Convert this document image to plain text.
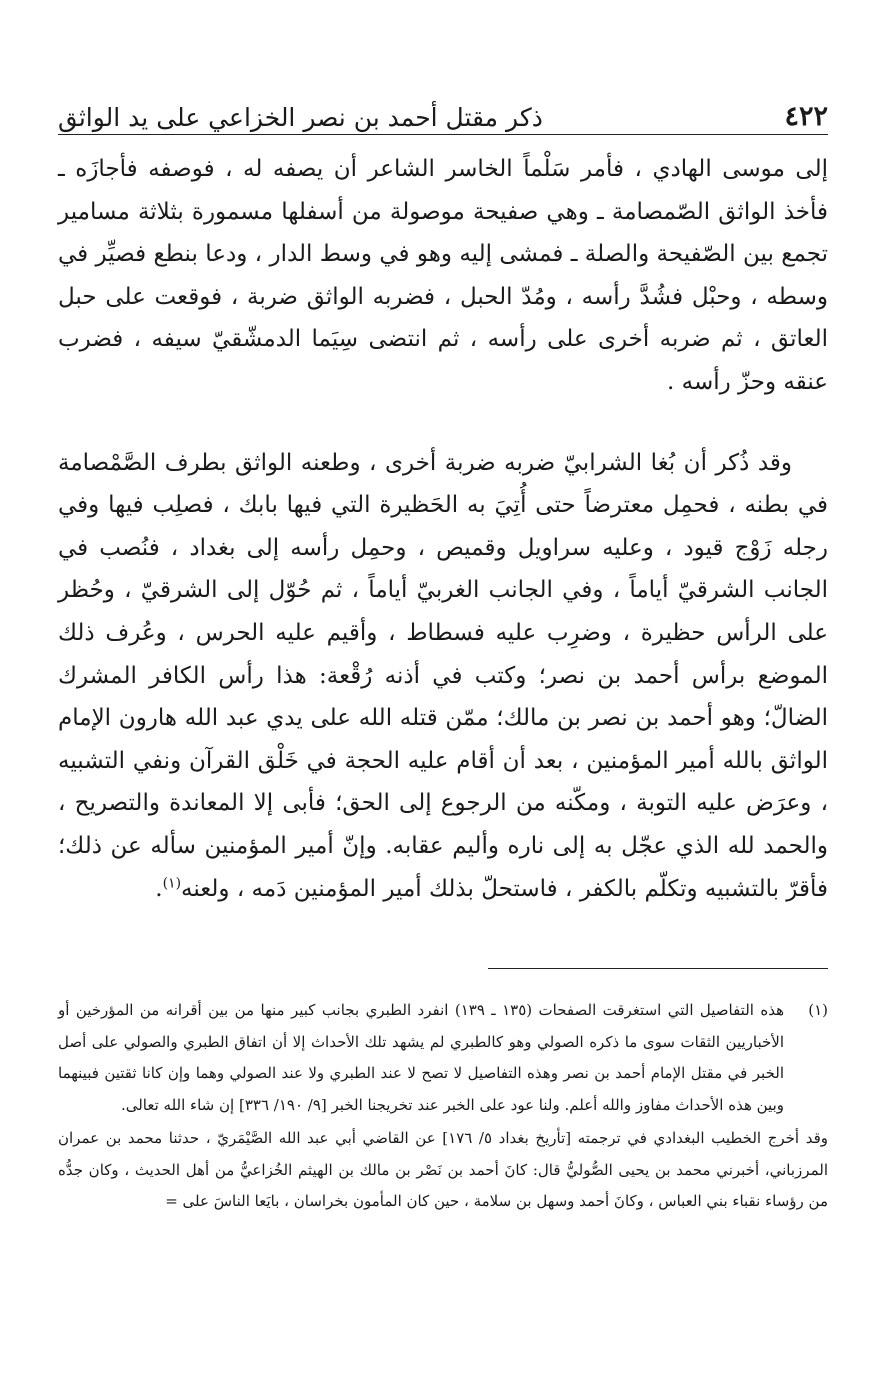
٤٢٢
ذكر مقتل أحمد بن نصر الخزاعي على يد الواثق

إلى موسى الهادي ، فأمر سَلْماً الخاسر الشاعر أن يصفه له ، فوصفه فأجازَه ـ فأخذ الواثق الصّمصامة ـ وهي صفيحة موصولة من أسفلها مسمورة بثلاثة مسامير تجمع بين الصّفيحة والصلة ـ فمشى إليه وهو في وسط الدار ، ودعا بنطع فصيِّر في وسطه ، وحبْل فشُدَّ رأسه ، ومُدّ الحبل ، فضربه الواثق ضربة ، فوقعت على حبل العاتق ، ثم ضربه أخرى على رأسه ، ثم انتضى سِيَما الدمشّقيّ سيفه ، فضرب عنقه وحزّ رأسه .

وقد ذُكر أن بُغا الشرابيّ ضربه ضربة أخرى ، وطعنه الواثق بطرف الصَّمْصامة في بطنه ، فحمِل معترضاً حتى أُتِيَ به الحَظيرة التي فيها بابك ، فصلِب فيها وفي رجله زَوْج قيود ، وعليه سراويل وقميص ، وحمِل رأسه إلى بغداد ، فنُصب في الجانب الشرقيّ أياماً ، وفي الجانب الغربيّ أياماً ، ثم حُوّل إلى الشرقيّ ، وحُظر على الرأس حظيرة ، وضرِب عليه فسطاط ، وأقيم عليه الحرس ، وعُرف ذلك الموضع برأس أحمد بن نصر؛ وكتب في أذنه رُقْعة: هذا رأس الكافر المشرك الضالّ؛ وهو أحمد بن نصر بن مالك؛ ممّن قتله الله على يدي عبد الله هارون الإمام الواثق بالله أمير المؤمنين ، بعد أن أقام عليه الحجة في خَلْق القرآن ونفي التشبيه ، وعرَض عليه التوبة ، ومكّنه من الرجوع إلى الحق؛ فأبى إلا المعاندة والتصريح ، والحمد لله الذي عجّل به إلى ناره وأليم عقابه. وإنّ أمير المؤمنين سأله عن ذلك؛ فأقرّ بالتشبيه وتكلّم بالكفر ، فاستحلّ بذلك أمير المؤمنين دَمه ، ولعنه$^{(١)}$.

(١)
هذه التفاصيل التي استغرقت الصفحات (١٣٥ ـ ١٣٩) انفرد الطبري بجانب كبير منها من بين أقرانه من المؤرخين أو الأخباريين الثقات سوى ما ذكره الصولي وهو كالطبري لم يشهد تلك الأحداث إلا أن اتفاق الطبري والصولي على أصل الخبر في مقتل الإمام أحمد بن نصر وهذه التفاصيل لا تصح لا عند الطبري ولا عند الصولي وهما وإن كانا ثقتين فبينهما وبين هذه الأحداث مفاوز والله أعلم. ولنا عود على الخبر عند تخريجنا الخبر [٩/ ١٩٠/ ٣٣٦] إن شاء الله تعالى.
وقد أخرج الخطيب البغدادي في ترجمته [تأريخ بغداد ٥/ ١٧٦] عن القاضي أبي عبد الله الصَّيْمَريّ ، حدثنا محمد بن عمران المرزباني، أخبرني محمد بن يحيى الصُّوليُّ قال: كانَ أحمد بن نَصْر بن مالك بن الهيثم الخُزاعيُّ من أهل الحديث ، وكان جدُّه من رؤساء نقباء بني العباس ، وكانَ أحمد وسهل بن سلامة ، حين كان المأمون بخراسان ، بايَعا الناسَ على =
